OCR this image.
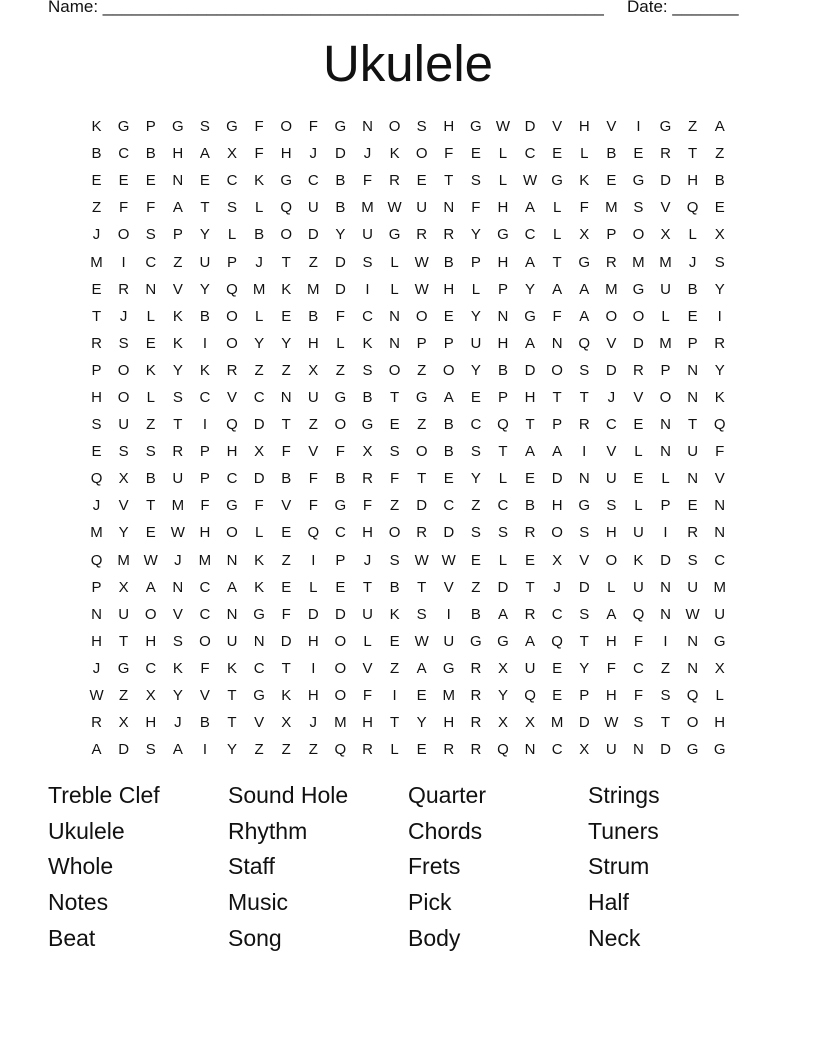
Name: _____________________________________________________ Date: _______
Ukulele
K	G	P	G	S	G	F	O	F	G	N	O	S	H	G W D	V	H	V	I	G	Z	A
B	C	B	H	A	X	F	H	J	D	J	K	O	F	E	L	C	E	L	B	E	R	T	Z
E	E	E	N	E	C	K	G	C	B	F	R	E	T	S	L	W G	K	E	G	D	H	B
Z	F	F	A	T	S	L	Q	U	B	M W U	N	F	H	A	L	F	M	S	V	Q	E
J	O	S	P	Y	L	B	O	D	Y	U	G	R	R	Y	G	C	L	X	P	O	X	L	X
M	I	C	Z	U	P	J	T	Z	D	S	L	W	B	P	H	A	T	G	R	M M	J	S
E	R	N	V	Y	Q	M	K	M	D	I	L	W H	L	P	Y	A	A	M	G	U	B	Y
T	J	L	K	B	O	L	E	B	F	C	N	O	E	Y	N	G	F	A	O	O	L	E	I
R	S	E	K	I	O	Y	Y	H	L	K	N	P	P	U	H	A	N	Q	V	D	M	P	R
P	O	K	Y	K	R	Z	Z	X	Z	S	O	Z	O	Y	B	D	O	S	D	R	P	N	Y
H	O	L	S	C	V	C	N	U	G	B	T	G	A	E	P	H	T	T	J	V	O	N	K
S	U	Z	T	I	Q	D	T	Z	O	G	E	Z	B	C	Q	T	P	R	C	E	N	T	Q
E	S	S	R	P	H	X	F	V	F	X	S	O	B	S	T	A	A	I	V	L	N	U	F
Q	X	B	U	P	C	D	B	F	B	R	F	T	E	Y	L	E	D	N	U	E	L	N	V
J	V	T	M	F	G	F	V	F	G	F	Z	D	C	Z	C	B	H	G	S	L	P	E	N
M	Y	E	W H	O	L	E	Q	C	H	O	R	D	S	S	R	O	S	H	U	I	R	N
Q	M W	J	M	N	K	Z	I	P	J	S	W W	E	L	E	X	V	O	K	D	S	C
P	X	A	N	C	A	K	E	L	E	T	B	T	V	Z	D	T	J	D	L	U	N	U	M
N	U	O	V	C	N	G	F	D	D	U	K	S	I	B	A	R	C	S	A	Q	N W U
H	T	H	S	O	U	N	D	H	O	L	E	W U	G	G	A	Q	T	H	F	I	N	G
J	G	C	K	F	K	C	T	I	O	V	Z	A	G	R	X	U	E	Y	F	C	Z	N	X
W	Z	X	Y	V	T	G	K	H	O	F	I	E	M	R	Y	Q	E	P	H	F	S	Q	L
R	X	H	J	B	T	V	X	J	M	H	T	Y	H	R	X	X	M	D W	S	T	O	H
A	D	S	A	I	Y	Z	Z	Z	Q	R	L	E	R	R	Q	N	C	X	U	N	D	G	G
Treble Clef	Sound Hole	Quarter	Strings
Ukulele	Rhythm	Chords	Tuners
Whole	Staff	Frets	Strum
Notes	Music	Pick	Half
Beat	Song	Body	Neck
